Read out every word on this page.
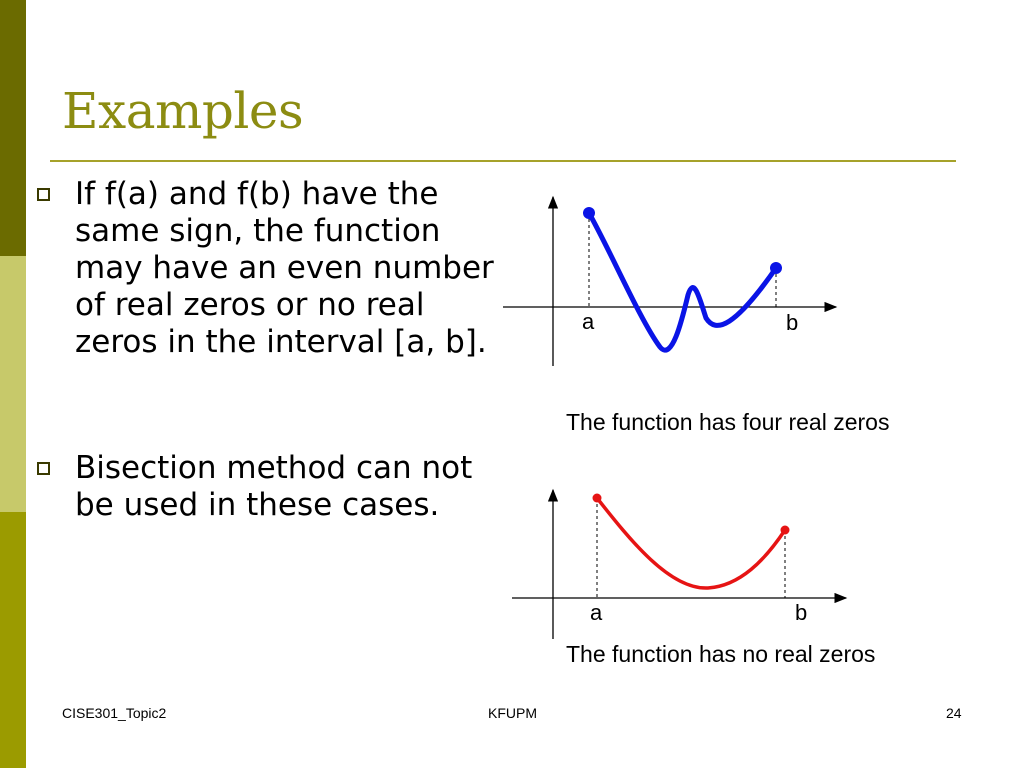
Examples
If f(a) and f(b) have the same sign, the function may have an even number of real zeros or no real zeros in the interval [a, b].
Bisection method can not be used in these cases.
a	b
a	b
The function has four real zeros
The function has no real zeros
CISE301_Topic2	KFUPM	24
